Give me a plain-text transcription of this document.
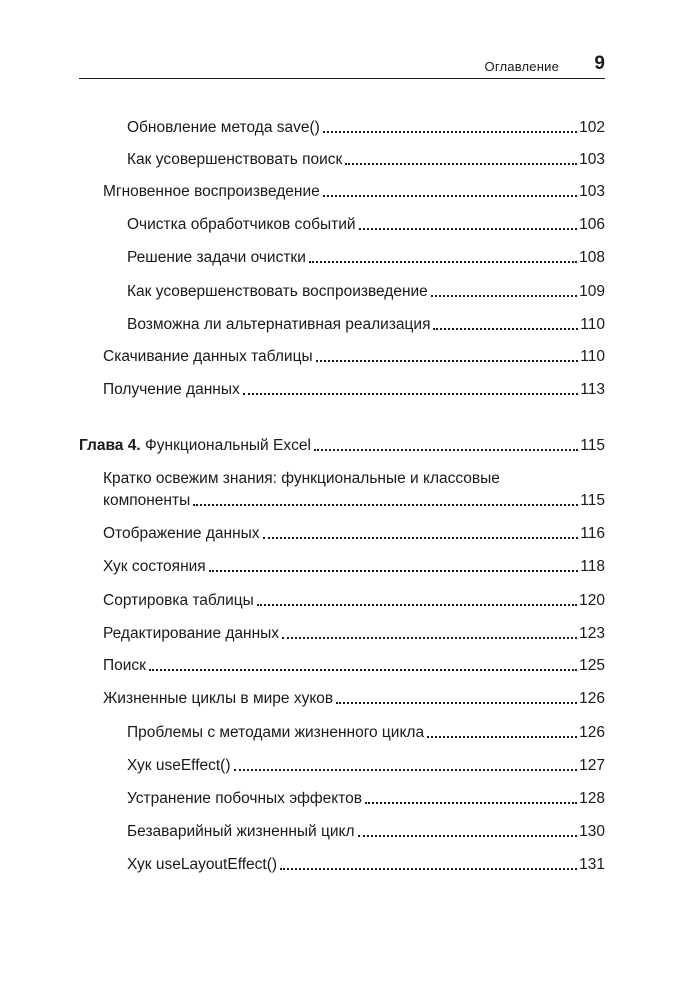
Оглавление 9
Обновление метода save()	102
Как усовершенствовать поиск	103
Мгновенное воспроизведение	103
Очистка обработчиков событий	106
Решение задачи очистки	108
Как усовершенствовать воспроизведение	109
Возможна ли альтернативная реализация	110
Скачивание данных таблицы	110
Получение данных	113
Глава 4. Функциональный Excel	115
Кратко освежим знания: функциональные и классовые
компоненты	115
Отображение данных	116
Хук состояния	118
Сортировка таблицы	120
Редактирование данных	123
Поиск	125
Жизненные циклы в мире хуков	126
Проблемы с методами жизненного цикла	126
Хук useEffect()	127
Устранение побочных эффектов	128
Безаварийный жизненный цикл	130
Хук useLayoutEffect()	131
